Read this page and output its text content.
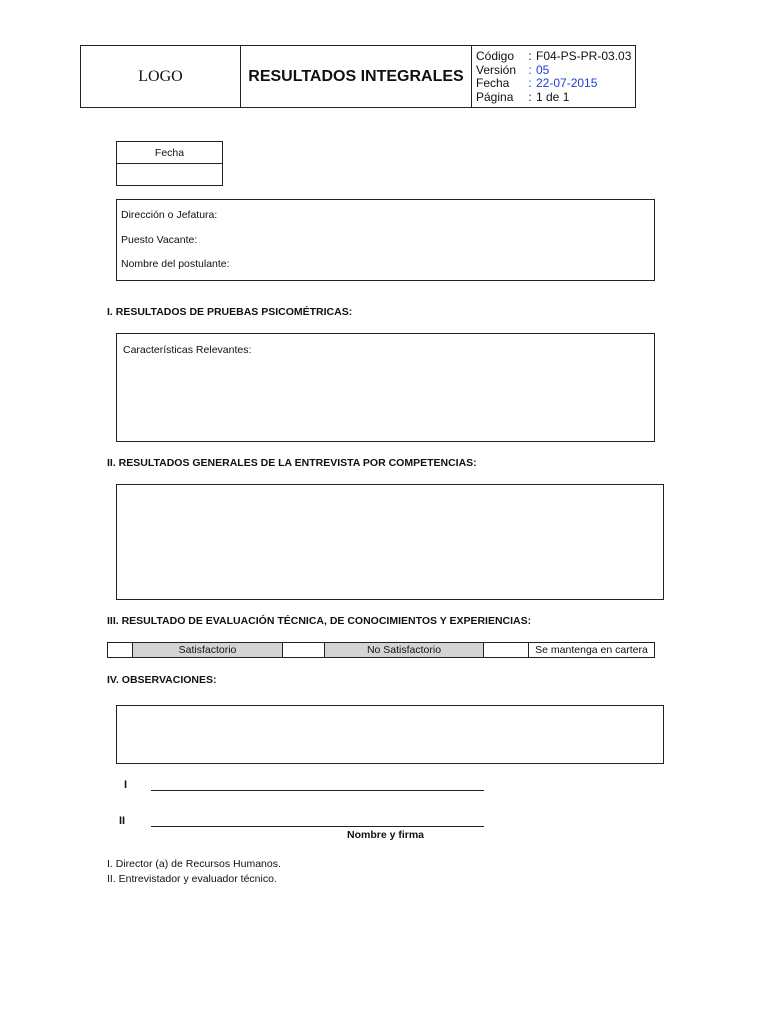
LOGO	RESULTADOS INTEGRALES
Código	: F04-PS-PR-03.03
Versión	: 05
Fecha	: 22-07-2015
Página	: 1 de 1
Fecha
Dirección o Jefatura:
Puesto Vacante:
Nombre del postulante:
I. RESULTADOS DE PRUEBAS PSICOMÉTRICAS:
Características Relevantes:
II. RESULTADOS GENERALES DE LA ENTREVISTA POR COMPETENCIAS:
III. RESULTADO DE EVALUACIÓN TÉCNICA, DE CONOCIMIENTOS Y EXPERIENCIAS:
Satisfactorio	No Satisfactorio	Se mantenga en cartera
IV. OBSERVACIONES:
I
II
Nombre y firma
I. Director (a) de Recursos Humanos.
II. Entrevistador y evaluador técnico.
